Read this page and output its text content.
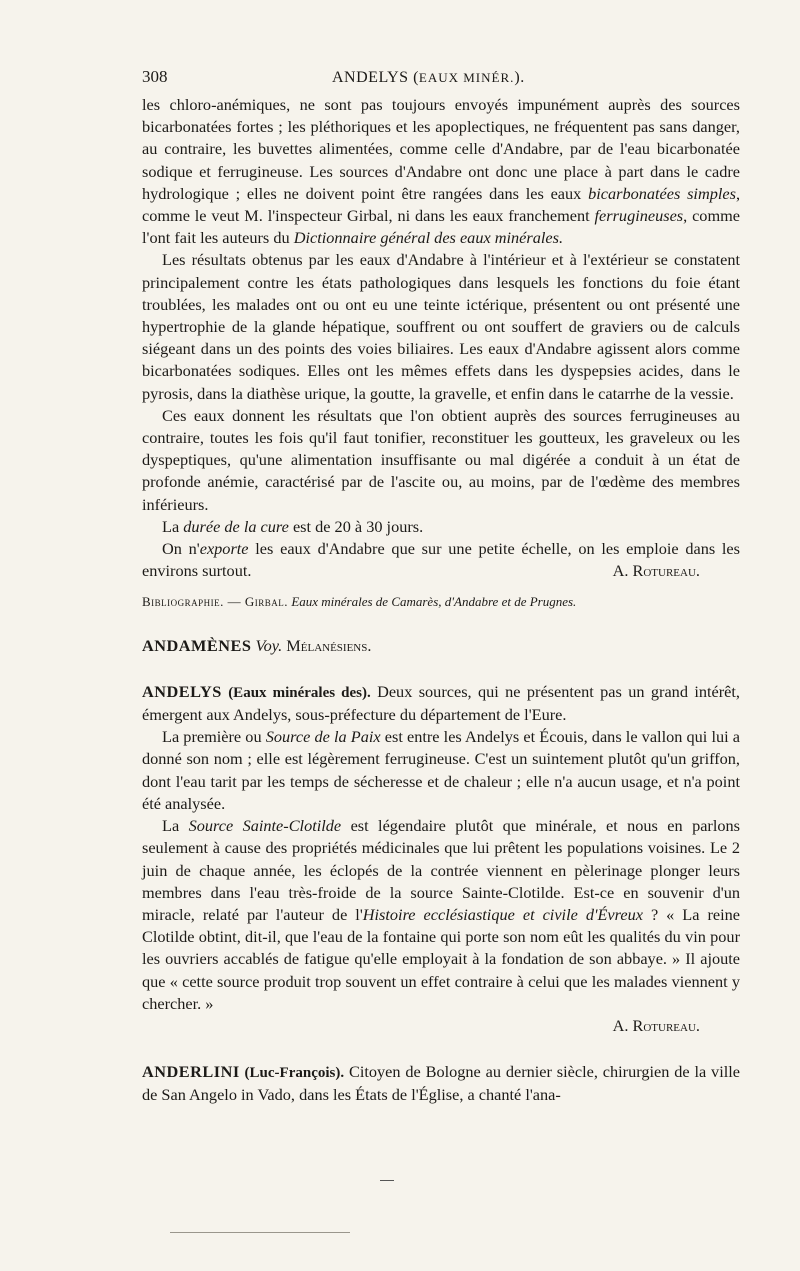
308	ANDELYS (EAUX MINÉR.).

les chloro-anémiques, ne sont pas toujours envoyés impunément auprès des sources bicarbonatées fortes ; les pléthoriques et les apoplectiques, ne fréquentent pas sans danger, au contraire, les buvettes alimentées, comme celle d'Andabre, par de l'eau bicarbonatée sodique et ferrugineuse. Les sources d'Andabre ont donc une place à part dans le cadre hydrologique ; elles ne doivent point être rangées dans les eaux bicarbonatées simples, comme le veut M. l'inspecteur Girbal, ni dans les eaux franchement ferrugineuses, comme l'ont fait les auteurs du Dictionnaire général des eaux minérales.

Les résultats obtenus par les eaux d'Andabre à l'intérieur et à l'extérieur se constatent principalement contre les états pathologiques dans lesquels les fonctions du foie étant troublées, les malades ont ou ont eu une teinte ictérique, présentent ou ont présenté une hypertrophie de la glande hépatique, souffrent ou ont souffert de graviers ou de calculs siégeant dans un des points des voies biliaires. Les eaux d'Andabre agissent alors comme bicarbonatées sodiques. Elles ont les mêmes effets dans les dyspepsies acides, dans le pyrosis, dans la diathèse urique, la goutte, la gravelle, et enfin dans le catarrhe de la vessie.

Ces eaux donnent les résultats que l'on obtient auprès des sources ferrugineuses au contraire, toutes les fois qu'il faut tonifier, reconstituer les goutteux, les graveleux ou les dyspeptiques, qu'une alimentation insuffisante ou mal digérée a conduit à un état de profonde anémie, caractérisé par de l'ascite ou, au moins, par de l'œdème des membres inférieurs.

La durée de la cure est de 20 à 30 jours.

On n'exporte les eaux d'Andabre que sur une petite échelle, on les emploie dans les environs surtout.	A. Rotureau.

Bibliographie. — Girbal. Eaux minérales de Camarès, d'Andabre et de Prugnes.

ANDAMÈNES Voy. Mélanésiens.

ANDELYS (Eaux minérales des). Deux sources, qui ne présentent pas un grand intérêt, émergent aux Andelys, sous-préfecture du département de l'Eure.

La première ou Source de la Paix est entre les Andelys et Écouis, dans le vallon qui lui a donné son nom ; elle est légèrement ferrugineuse. C'est un suintement plutôt qu'un griffon, dont l'eau tarit par les temps de sécheresse et de chaleur ; elle n'a aucun usage, et n'a point été analysée.

La Source Sainte-Clotilde est légendaire plutôt que minérale, et nous en parlons seulement à cause des propriétés médicinales que lui prêtent les populations voisines. Le 2 juin de chaque année, les éclopés de la contrée viennent en pèlerinage plonger leurs membres dans l'eau très-froide de la source Sainte-Clotilde. Est-ce en souvenir d'un miracle, relaté par l'auteur de l'Histoire ecclésiastique et civile d'Évreux ? « La reine Clotilde obtint, dit-il, que l'eau de la fontaine qui porte son nom eût les qualités du vin pour les ouvriers accablés de fatigue qu'elle employait à la fondation de son abbaye. » Il ajoute que « cette source produit trop souvent un effet contraire à celui que les malades viennent y chercher. »

A. Rotureau.

ANDERLINI (Luc-François). Citoyen de Bologne au dernier siècle, chirurgien de la ville de San Angelo in Vado, dans les États de l'Église, a chanté l'ana-
